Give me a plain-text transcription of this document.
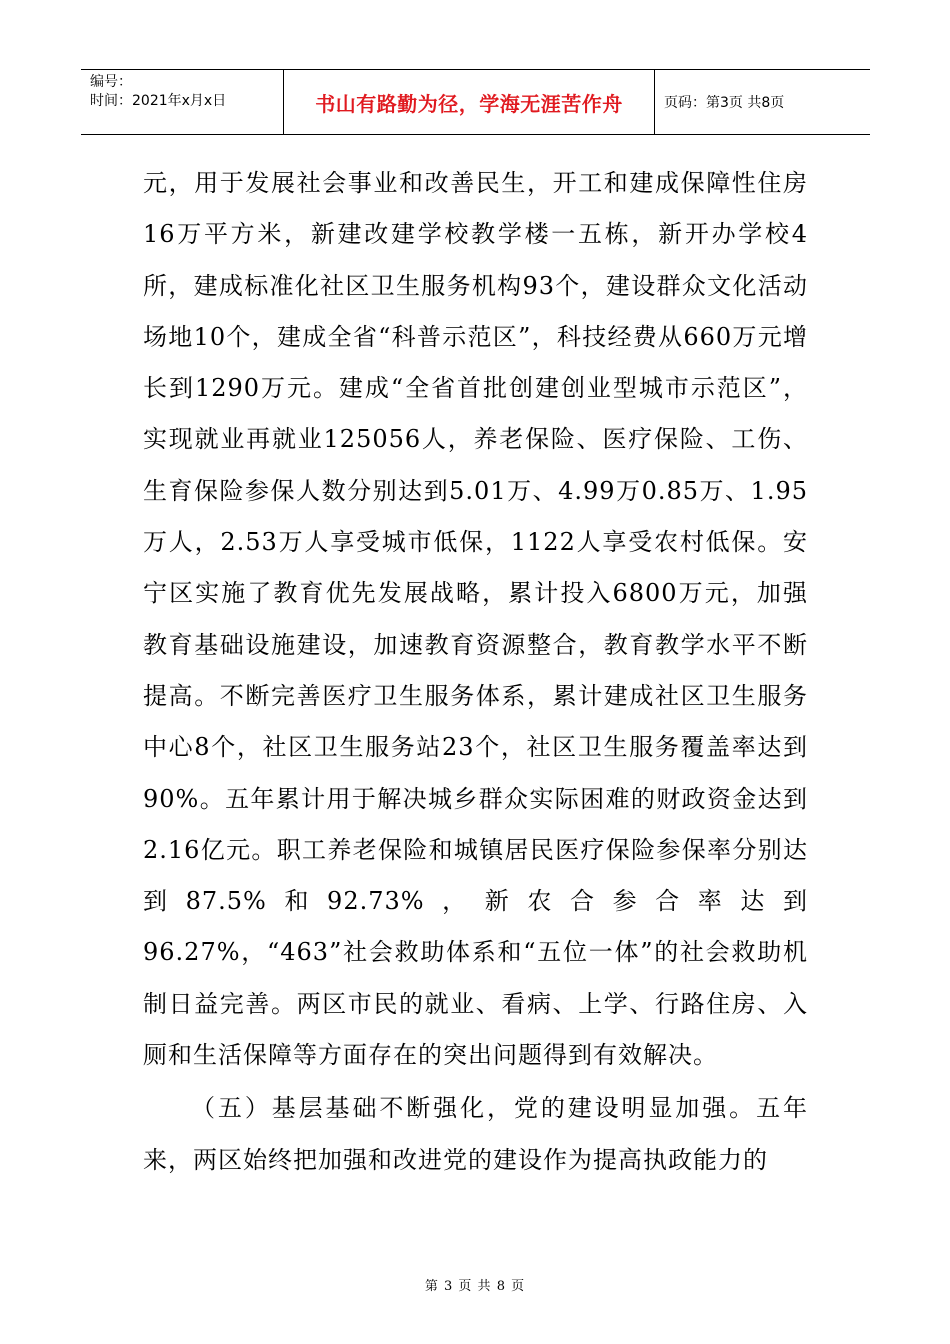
编号：
时间：2021年x月x日	书山有路勤为径，学海无涯苦作舟	页码：第3页 共8页

元，用于发展社会事业和改善民生，开工和建成保障性住房16万平方米，新建改建学校教学楼一五栋，新开办学校4所，建成标准化社区卫生服务机构93个，建设群众文化活动场地10个，建成全省“科普示范区”，科技经费从660万元增长到1290万元。建成“全省首批创建创业型城市示范区”，实现就业再就业125056人，养老保险、医疗保险、工伤、生育保险参保人数分别达到5.01万、4.99万0.85万、1.95万人，2.53万人享受城市低保，1122人享受农村低保。安宁区实施了教育优先发展战略，累计投入6800万元，加强教育基础设施建设，加速教育资源整合，教育教学水平不断提高。不断完善医疗卫生服务体系，累计建成社区卫生服务中心8个，社区卫生服务站23个，社区卫生服务覆盖率达到90%。五年累计用于解决城乡群众实际困难的财政资金达到2.16亿元。职工养老保险和城镇居民医疗保险参保率分别达到87.5%和92.73%，新农合参合率达到96.27%，“463”社会救助体系和“五位一体”的社会救助机制日益完善。两区市民的就业、看病、上学、行路住房、入厕和生活保障等方面存在的突出问题得到有效解决。

（五）基层基础不断强化，党的建设明显加强。五年来，两区始终把加强和改进党的建设作为提高执政能力的

第 3 页 共 8 页
